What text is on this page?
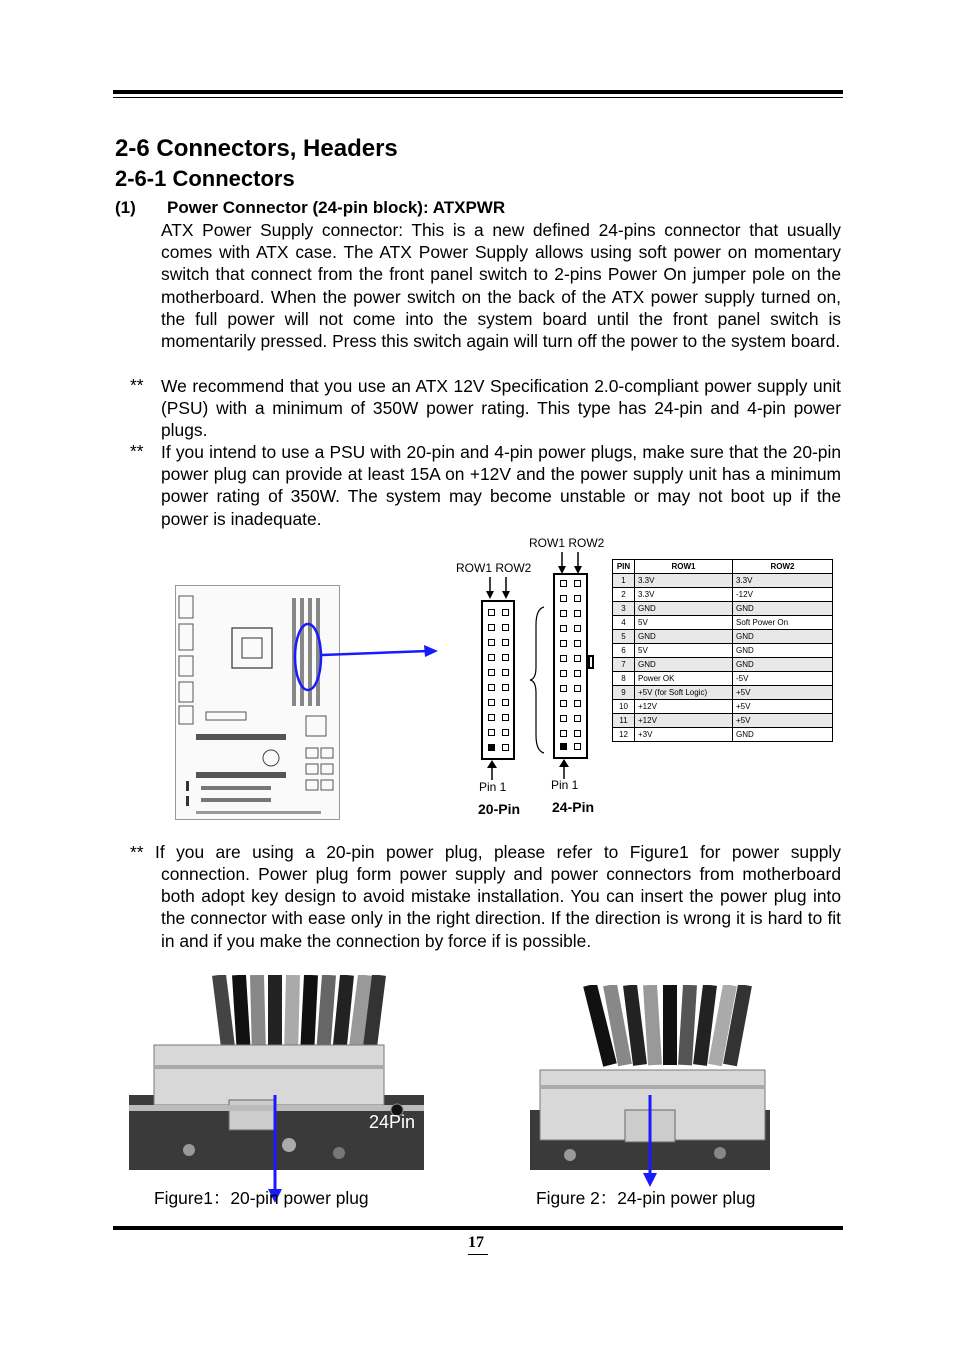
2-6 Connectors, Headers
2-6-1 Connectors
(1) Power Connector (24-pin block): ATXPWR
ATX Power Supply connector: This is a new defined 24-pins connector that usually comes with ATX case. The ATX Power Supply allows using soft power on momentary switch that connect from the front panel switch to 2-pins Power On jumper pole on the motherboard. When the power switch on the back of the ATX power supply turned on, the full power will not come into the system board until the front panel switch is momentarily pressed. Press this switch again will turn off the power to the system board.
** We recommend that you use an ATX 12V Specification 2.0-compliant power supply unit (PSU) with a minimum of 350W power rating. This type has 24-pin and 4-pin power plugs.
** If you intend to use a PSU with 20-pin and 4-pin power plugs, make sure that the 20-pin power plug can provide at least 15A on +12V and the power supply unit has a minimum power rating of 350W. The system may become unstable or may not boot up if the power is inadequate.
ROW1 ROW2
Pin 1
20-Pin
ROW1 ROW2
Pin 1
24-Pin
PIN	ROW1	ROW2
1	3.3V	3.3V
2	3.3V	-12V
3	GND	GND
4	5V	Soft Power On
5	GND	GND
6	5V	GND
7	GND	GND
8	Power OK	-5V
9	+5V (for Soft Logic)	+5V
10	+12V	+5V
11	+12V	+5V
12	+3V	GND
** If you are using a 20-pin power plug, please refer to Figure1 for power supply
connection. Power plug form power supply and power connectors from motherboard both adopt key design to avoid mistake installation. You can insert the power plug into the connector with ease only in the right direction. If the direction is wrong it is hard to fit in and if you make the connection by force if is possible.
24Pin
Figure1：20-pin power plug	Figure 2：24-pin power plug
17
